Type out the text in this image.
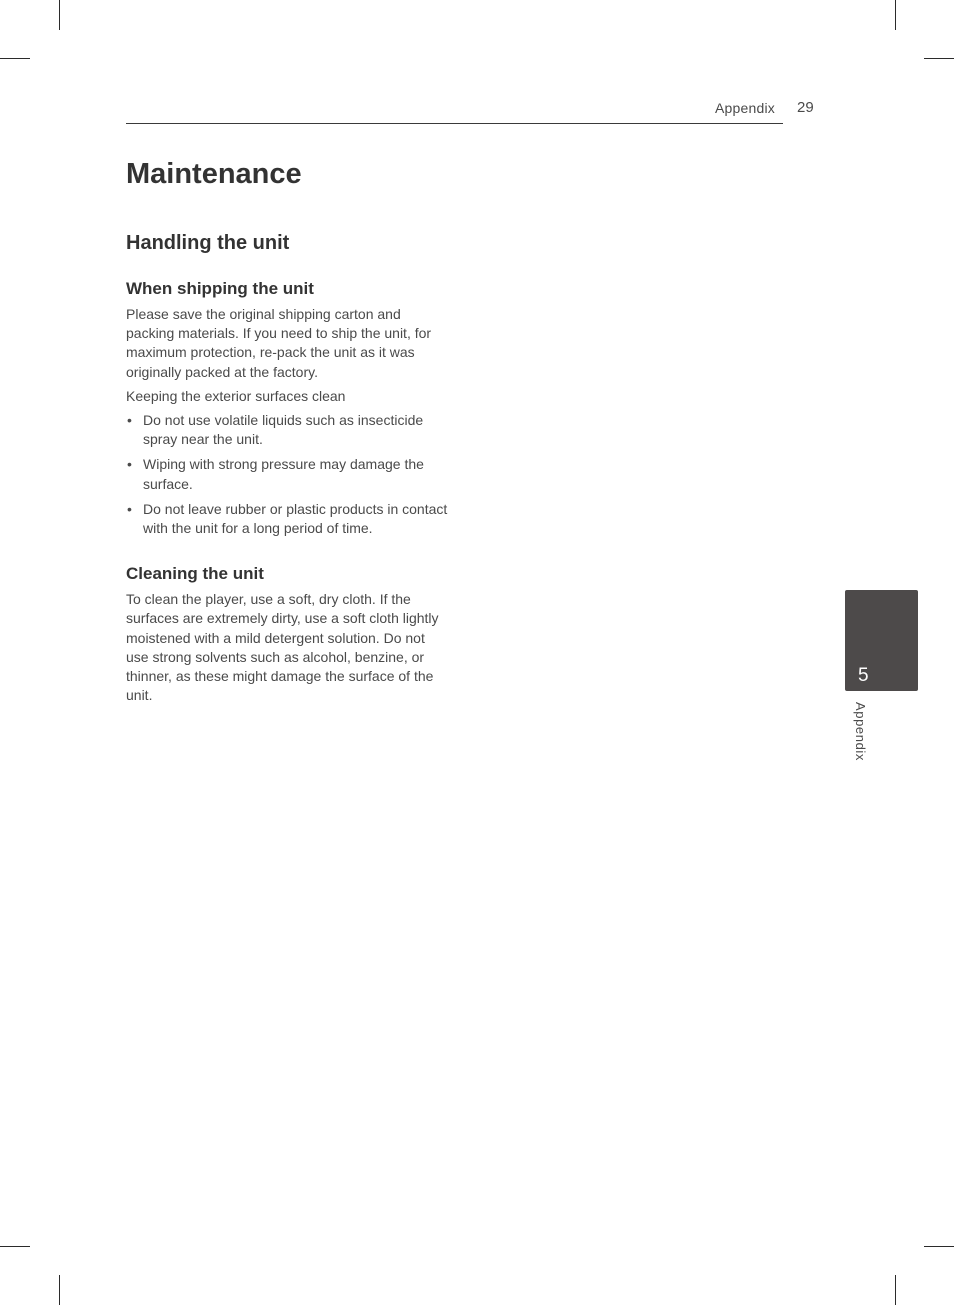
Appendix 29
Maintenance
Handling the unit
When shipping the unit

Please save the original shipping carton and packing materials. If you need to ship the unit, for maximum protection, re-pack the unit as it was originally packed at the factory.

Keeping the exterior surfaces clean

• Do not use volatile liquids such as insecticide spray near the unit.
• Wiping with strong pressure may damage the surface.
• Do not leave rubber or plastic products in contact with the unit for a long period of time.
Cleaning the unit

To clean the player, use a soft, dry cloth. If the surfaces are extremely dirty, use a soft cloth lightly moistened with a mild detergent solution. Do not use strong solvents such as alcohol, benzine, or thinner, as these might damage the surface of the unit.

5
Appendix
